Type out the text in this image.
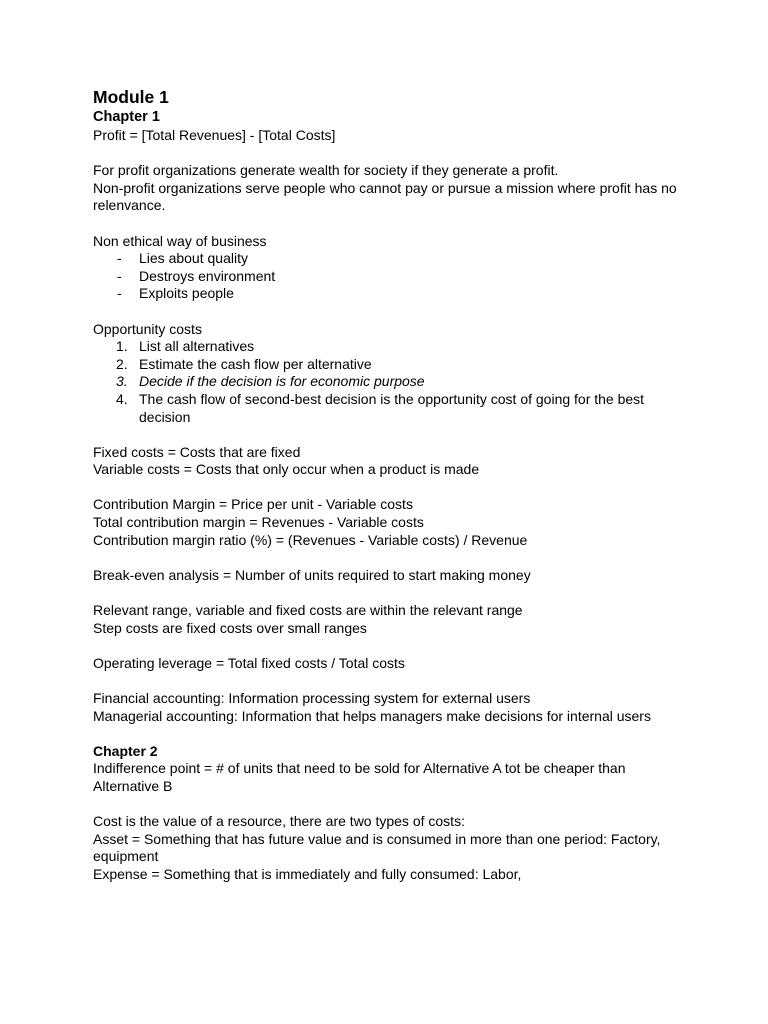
Module 1
Chapter 1

Profit = [Total Revenues] - [Total Costs]

For profit organizations generate wealth for society if they generate a profit.

Non-profit organizations serve people who cannot pay or pursue a mission where profit has no relenvance.

Non ethical way of business

- Lies about quality
- Destroys environment
- Exploits people

Opportunity costs

1. List all alternatives
2. Estimate the cash flow per alternative
3. Decide if the decision is for economic purpose
4. The cash flow of second-best decision is the opportunity cost of going for the best decision

Fixed costs = Costs that are fixed

Variable costs = Costs that only occur when a product is made

Contribution Margin = Price per unit - Variable costs

Total contribution margin = Revenues - Variable costs

Contribution margin ratio (%) = (Revenues - Variable costs) / Revenue

Break-even analysis = Number of units required to start making money

Relevant range, variable and fixed costs are within the relevant range

Step costs are fixed costs over small ranges

Operating leverage = Total fixed costs / Total costs

Financial accounting: Information processing system for external users

Managerial accounting: Information that helps managers make decisions for internal users

Chapter 2

Indifference point = # of units that need to be sold for Alternative A tot be cheaper than Alternative B

Cost is the value of a resource, there are two types of costs:

Asset = Something that has future value and is consumed in more than one period: Factory, equipment

Expense = Something that is immediately and fully consumed: Labor,
